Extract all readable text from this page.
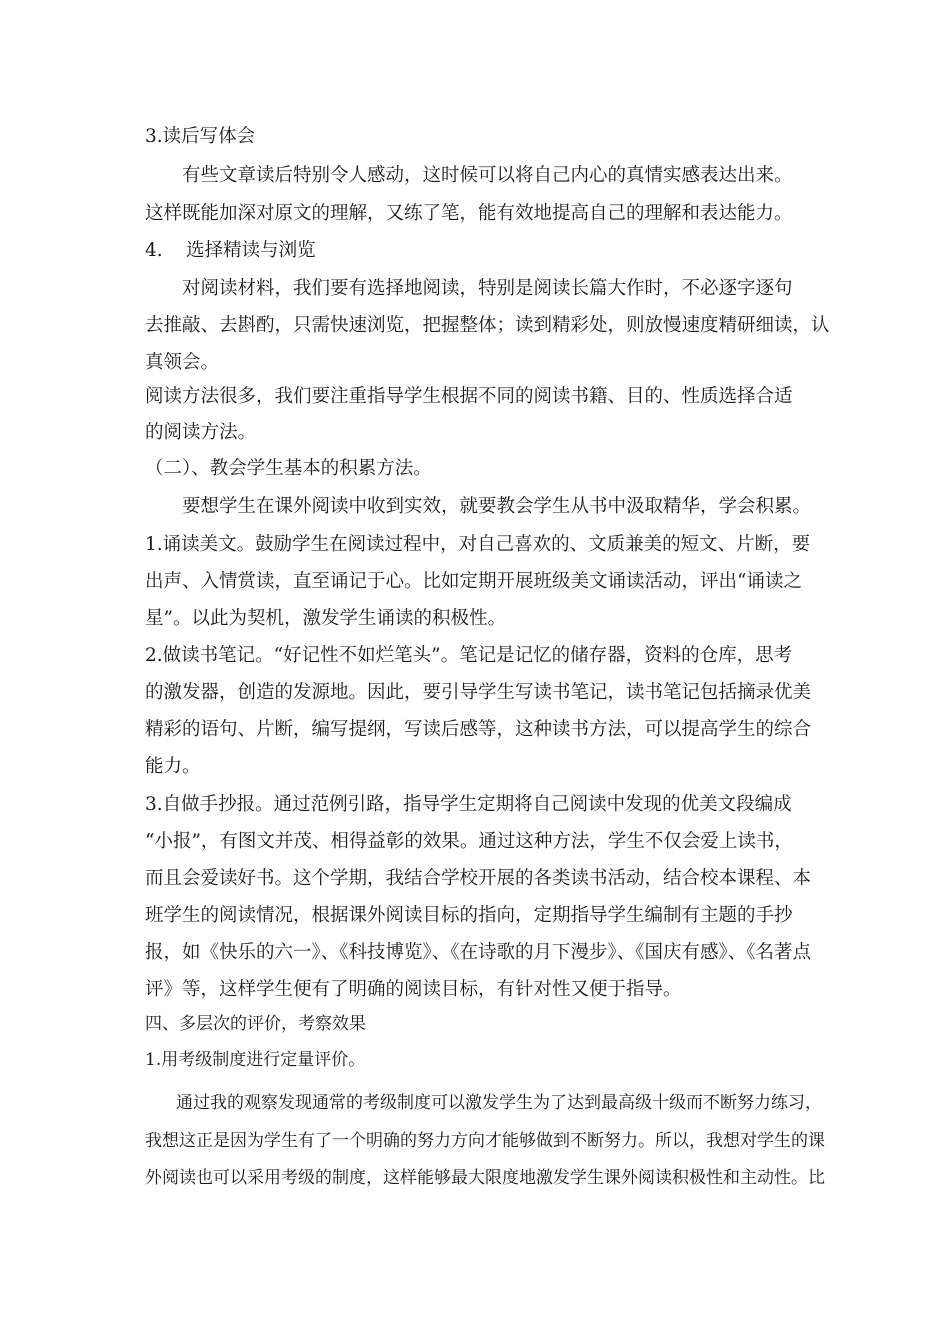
3.读后写体会
有些文章读后特别令人感动，这时候可以将自己内心的真情实感表达出来。
这样既能加深对原文的理解，又练了笔，能有效地提高自己的理解和表达能力。
4.    选择精读与浏览
对阅读材料，我们要有选择地阅读，特别是阅读长篇大作时，不必逐字逐句
去推敲、去斟酌，只需快速浏览，把握整体；读到精彩处，则放慢速度精研细读，认
真领会。
阅读方法很多，我们要注重指导学生根据不同的阅读书籍、目的、性质选择合适
的阅读方法。
（二）、教会学生基本的积累方法。
要想学生在课外阅读中收到实效，就要教会学生从书中汲取精华，学会积累。
1.诵读美文。鼓励学生在阅读过程中，对自己喜欢的、文质兼美的短文、片断，要
出声、入情赏读，直至诵记于心。比如定期开展班级美文诵读活动，评出“诵读之
星”。以此为契机，激发学生诵读的积极性。
2.做读书笔记。“好记性不如烂笔头”。笔记是记忆的储存器，资料的仓库，思考
的激发器，创造的发源地。因此，要引导学生写读书笔记，读书笔记包括摘录优美
精彩的语句、片断，编写提纲，写读后感等，这种读书方法，可以提高学生的综合
能力。
3.自做手抄报。通过范例引路，指导学生定期将自己阅读中发现的优美文段编成
“小报”，有图文并茂、相得益彰的效果。通过这种方法，学生不仅会爱上读书，
而且会爱读好书。这个学期，我结合学校开展的各类读书活动，结合校本课程、本
班学生的阅读情况，根据课外阅读目标的指向，定期指导学生编制有主题的手抄
报，如《快乐的六一》、《科技博览》、《在诗歌的月下漫步》、《国庆有感》、《名著点
评》等，这样学生便有了明确的阅读目标，有针对性又便于指导。
四、多层次的评价，考察效果
1.用考级制度进行定量评价。
通过我的观察发现通常的考级制度可以激发学生为了达到最高级十级而不断努力练习，
我想这正是因为学生有了一个明确的努力方向才能够做到不断努力。所以，我想对学生的课
外阅读也可以采用考级的制度，这样能够最大限度地激发学生课外阅读积极性和主动性。比
